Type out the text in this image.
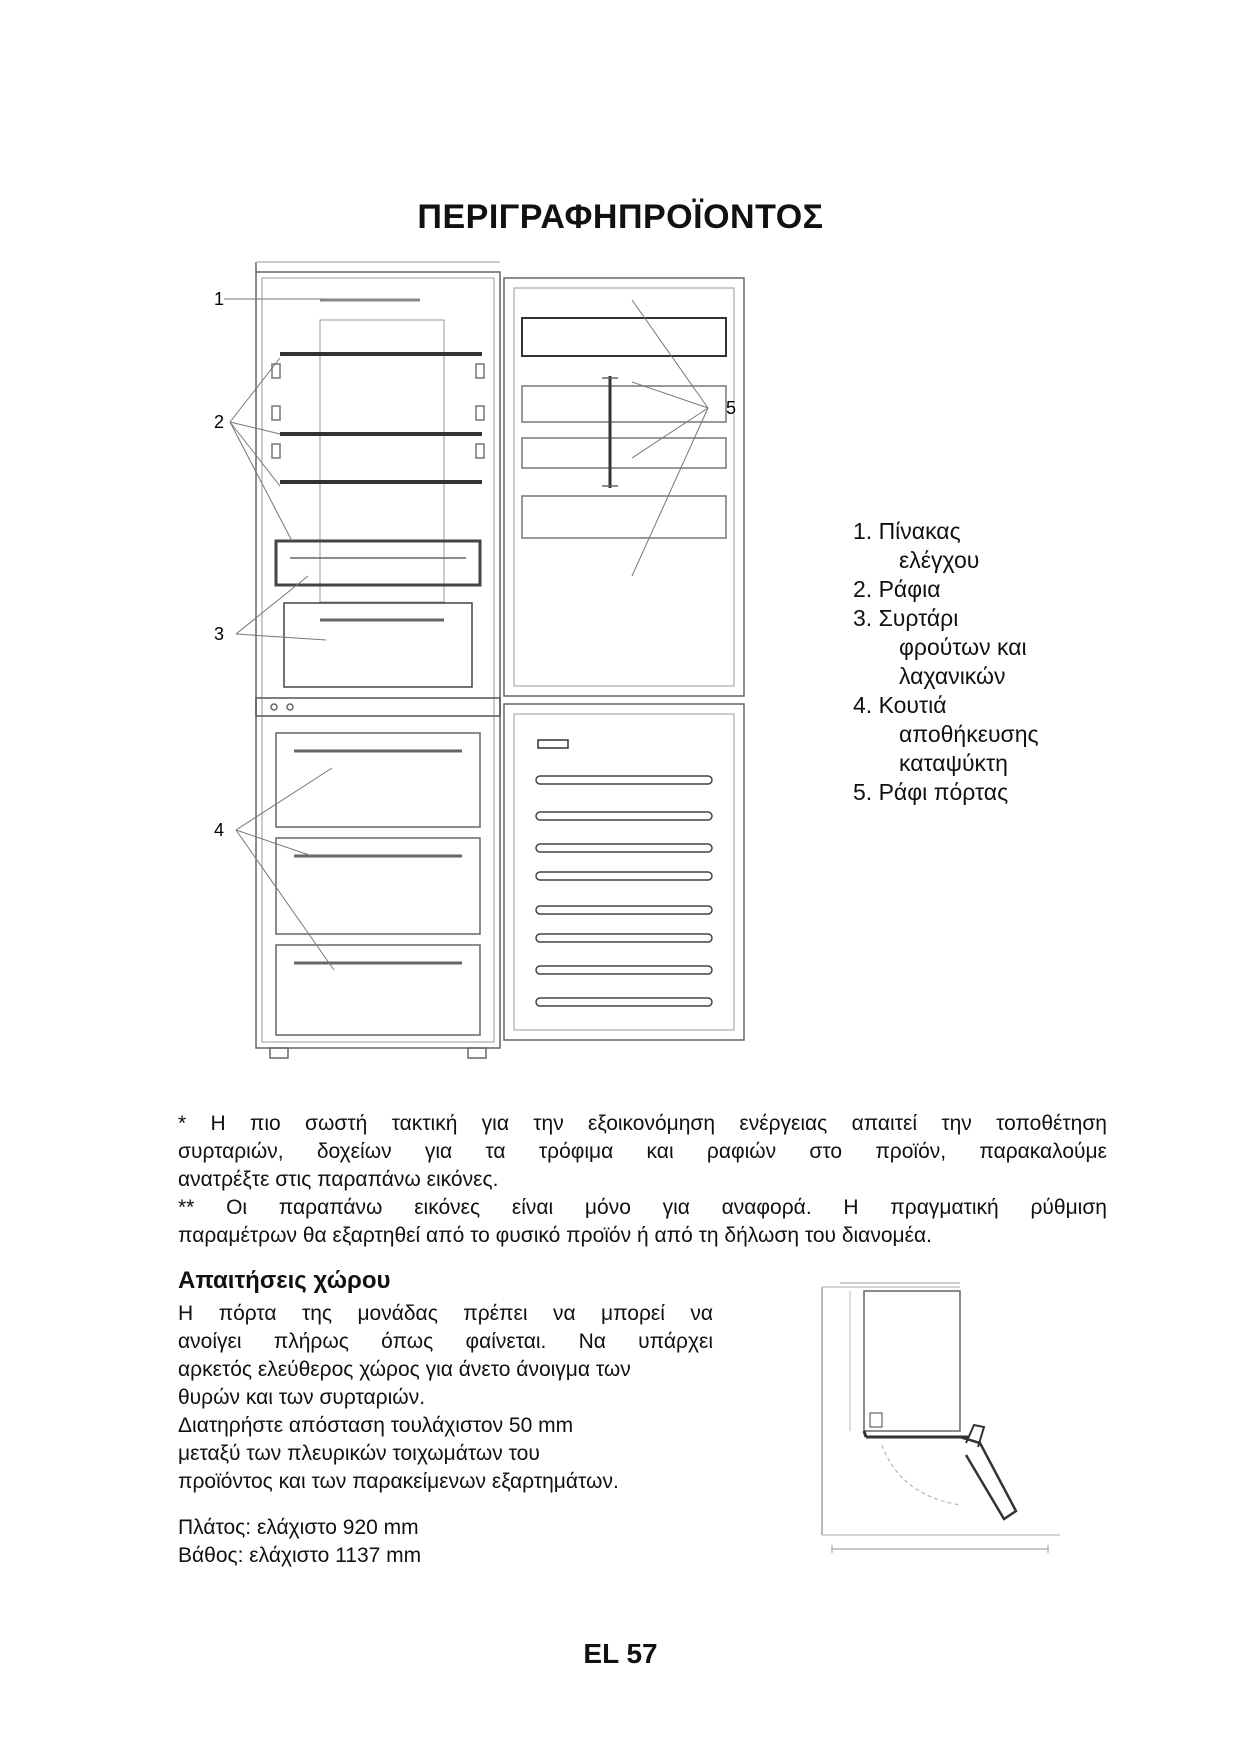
ΠΕΡΙΓΡΑΦΗΠΡΟΪΟΝΤΟΣ
1
2
3
4
5
1. Πίνακας
ελέγχου
2. Ράφια
3. Συρτάρι
φρούτων και
λαχανικών
4. Κουτιά
αποθήκευσης
καταψύκτη
5. Ράφι πόρτας

* Η πιο σωστή τακτική για την εξοικονόμηση ενέργειας απαιτεί την τοποθέτηση

συρταριών, δοχείων για τα τρόφιμα και ραφιών στο προϊόν, παρακαλούμε

ανατρέξτε στις παραπάνω εικόνες.

** Οι παραπάνω εικόνες είναι μόνο για αναφορά. Η πραγματική ρύθμιση

παραμέτρων θα εξαρτηθεί από το φυσικό προϊόν ή από τη δήλωση του διανομέα.

Απαιτήσεις χώρου

Η πόρτα της μονάδας πρέπει να μπορεί να

ανοίγει πλήρως όπως φαίνεται. Να υπάρχει

αρκετός ελεύθερος χώρος για άνετο άνοιγμα των

θυρών και των συρταριών.

Διατηρήστε απόσταση τουλάχιστον 50 mm

μεταξύ των πλευρικών τοιχωμάτων του

προϊόντος και των παρακείμενων εξαρτημάτων.

Πλάτος: ελάχιστο 920 mm
Βάθος: ελάχιστο 1137 mm
EL 57
